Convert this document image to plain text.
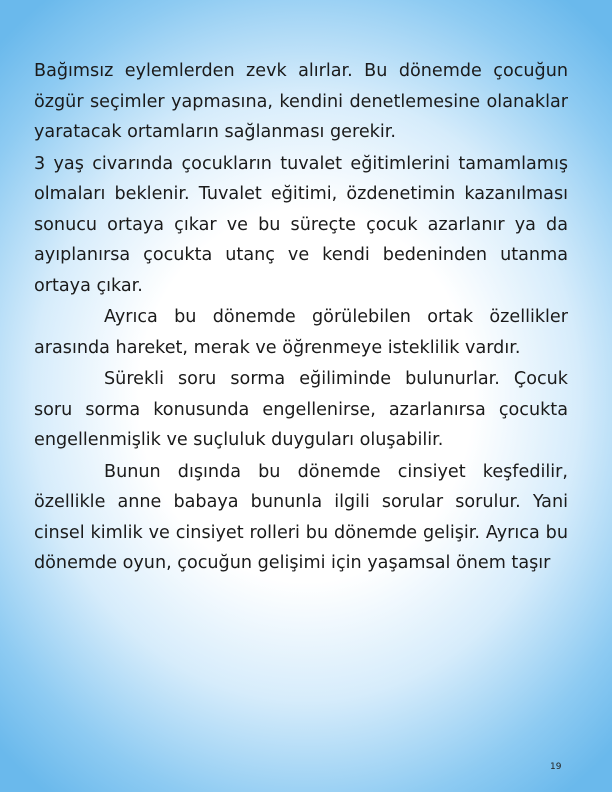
Bağımsız eylemlerden zevk alırlar. Bu dönemde çocuğun özgür seçimler yapmasına, kendini denetlemesine olanaklar yaratacak ortamların sağlanması gerekir.

3 yaş civarında çocukların tuvalet eğitimlerini tamamlamış olmaları beklenir. Tuvalet eğitimi, özdenetimin kazanılması sonucu ortaya çıkar ve bu süreçte çocuk azarlanır ya da ayıplanırsa çocukta utanç ve kendi bedeninden utanma ortaya çıkar.

Ayrıca bu dönemde görülebilen ortak özellikler arasında hareket, merak ve öğrenmeye isteklilik vardır.

Sürekli soru sorma eğiliminde bulunurlar. Çocuk soru sorma konusunda engellenirse, azarlanırsa çocukta engellenmişlik ve suçluluk duyguları oluşabilir.

Bunun dışında bu dönemde cinsiyet keşfedilir, özellikle anne babaya bununla ilgili sorular sorulur. Yani cinsel kimlik ve cinsiyet rolleri bu dönemde gelişir. Ayrıca bu dönemde oyun, çocuğun gelişimi için yaşamsal önem taşır

19
